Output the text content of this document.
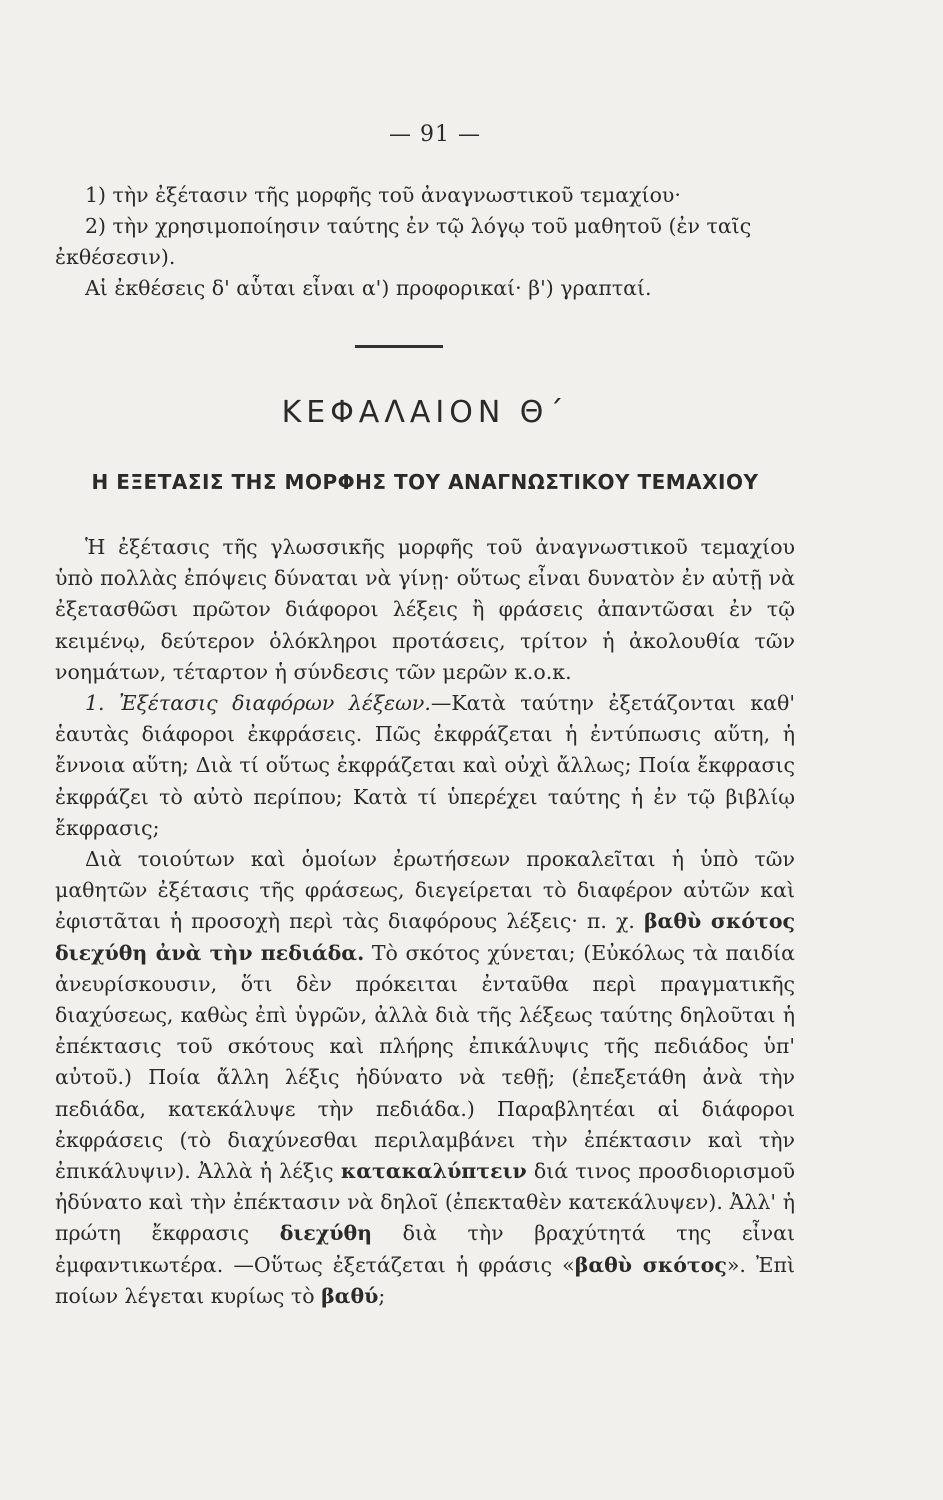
— 91 —

1) τὴν ἐξέτασιν τῆς μορφῆς τοῦ ἀναγνωστικοῦ τεμαχίου·

2) τὴν χρησιμοποίησιν ταύτης ἐν τῷ λόγῳ τοῦ μαθητοῦ (ἐν ταῖς ἐκθέσεσιν).

Αἱ ἐκθέσεις δ' αὗται εἶναι α') προφορικαί· β') γραπταί.

ΚΕΦΑΛΑΙΟΝ Θ΄
Η ΕΞΕΤΑΣΙΣ ΤΗΣ ΜΟΡΦΗΣ ΤΟΥ ΑΝΑΓΝΩΣΤΙΚΟΥ ΤΕΜΑΧΙΟΥ

Ἡ ἐξέτασις τῆς γλωσσικῆς μορφῆς τοῦ ἀναγνωστικοῦ τεμαχίου ὑπὸ πολλὰς ἐπόψεις δύναται νὰ γίνῃ· οὕτως εἶναι δυνατὸν ἐν αὐτῇ νὰ ἐξετασθῶσι πρῶτον διάφοροι λέξεις ἢ φράσεις ἀπαντῶσαι ἐν τῷ κειμένῳ, δεύτερον ὁλόκληροι προτάσεις, τρίτον ἡ ἀκολουθία τῶν νοημάτων, τέταρτον ἡ σύνδεσις τῶν μερῶν κ.ο.κ.

1. Ἐξέτασις διαφόρων λέξεων.—Κατὰ ταύτην ἐξετάζονται καθ' ἑαυτὰς διάφοροι ἐκφράσεις. Πῶς ἐκφράζεται ἡ ἐντύπωσις αὕτη, ἡ ἔννοια αὕτη; Διὰ τί οὕτως ἐκφράζεται καὶ οὐχὶ ἄλλως; Ποία ἔκφρασις ἐκφράζει τὸ αὐτὸ περίπου; Κατὰ τί ὑπερέχει ταύτης ἡ ἐν τῷ βιβλίῳ ἔκφρασις;

Διὰ τοιούτων καὶ ὁμοίων ἐρωτήσεων προκαλεῖται ἡ ὑπὸ τῶν μαθητῶν ἐξέτασις τῆς φράσεως, διεγείρεται τὸ διαφέρον αὐτῶν καὶ ἐφιστᾶται ἡ προσοχὴ περὶ τὰς διαφόρους λέξεις· π. χ. βαθὺ σκότος διεχύθη ἀνὰ τὴν πεδιάδα. Τὸ σκότος χύνεται; (Εὐκόλως τὰ παιδία ἀνευρίσκουσιν, ὅτι δὲν πρόκειται ἐνταῦθα περὶ πραγματικῆς διαχύσεως, καθὼς ἐπὶ ὑγρῶν, ἀλλὰ διὰ τῆς λέξεως ταύτης δηλοῦται ἡ ἐπέκτασις τοῦ σκότους καὶ πλήρης ἐπικάλυψις τῆς πεδιάδος ὑπ' αὐτοῦ.) Ποία ἄλλη λέξις ἠδύνατο νὰ τεθῇ; (ἐπεξετάθη ἀνὰ τὴν πεδιάδα, κατεκάλυψε τὴν πεδιάδα.) Παραβλητέαι αἱ διάφοροι ἐκφράσεις (τὸ διαχύνεσθαι περιλαμβάνει τὴν ἐπέκτασιν καὶ τὴν ἐπικάλυψιν). Ἀλλὰ ἡ λέξις κατακαλύπτειν διά τινος προσδιορισμοῦ ἠδύνατο καὶ τὴν ἐπέκτασιν νὰ δηλοῖ (ἐπεκταθὲν κατεκάλυψεν). Ἀλλ' ἡ πρώτη ἔκφρασις διεχύθη διὰ τὴν βραχύτητά της εἶναι ἐμφαντικωτέρα. —Οὕτως ἐξετάζεται ἡ φράσις «βαθὺ σκότος». Ἐπὶ ποίων λέγεται κυρίως τὸ βαθύ;
